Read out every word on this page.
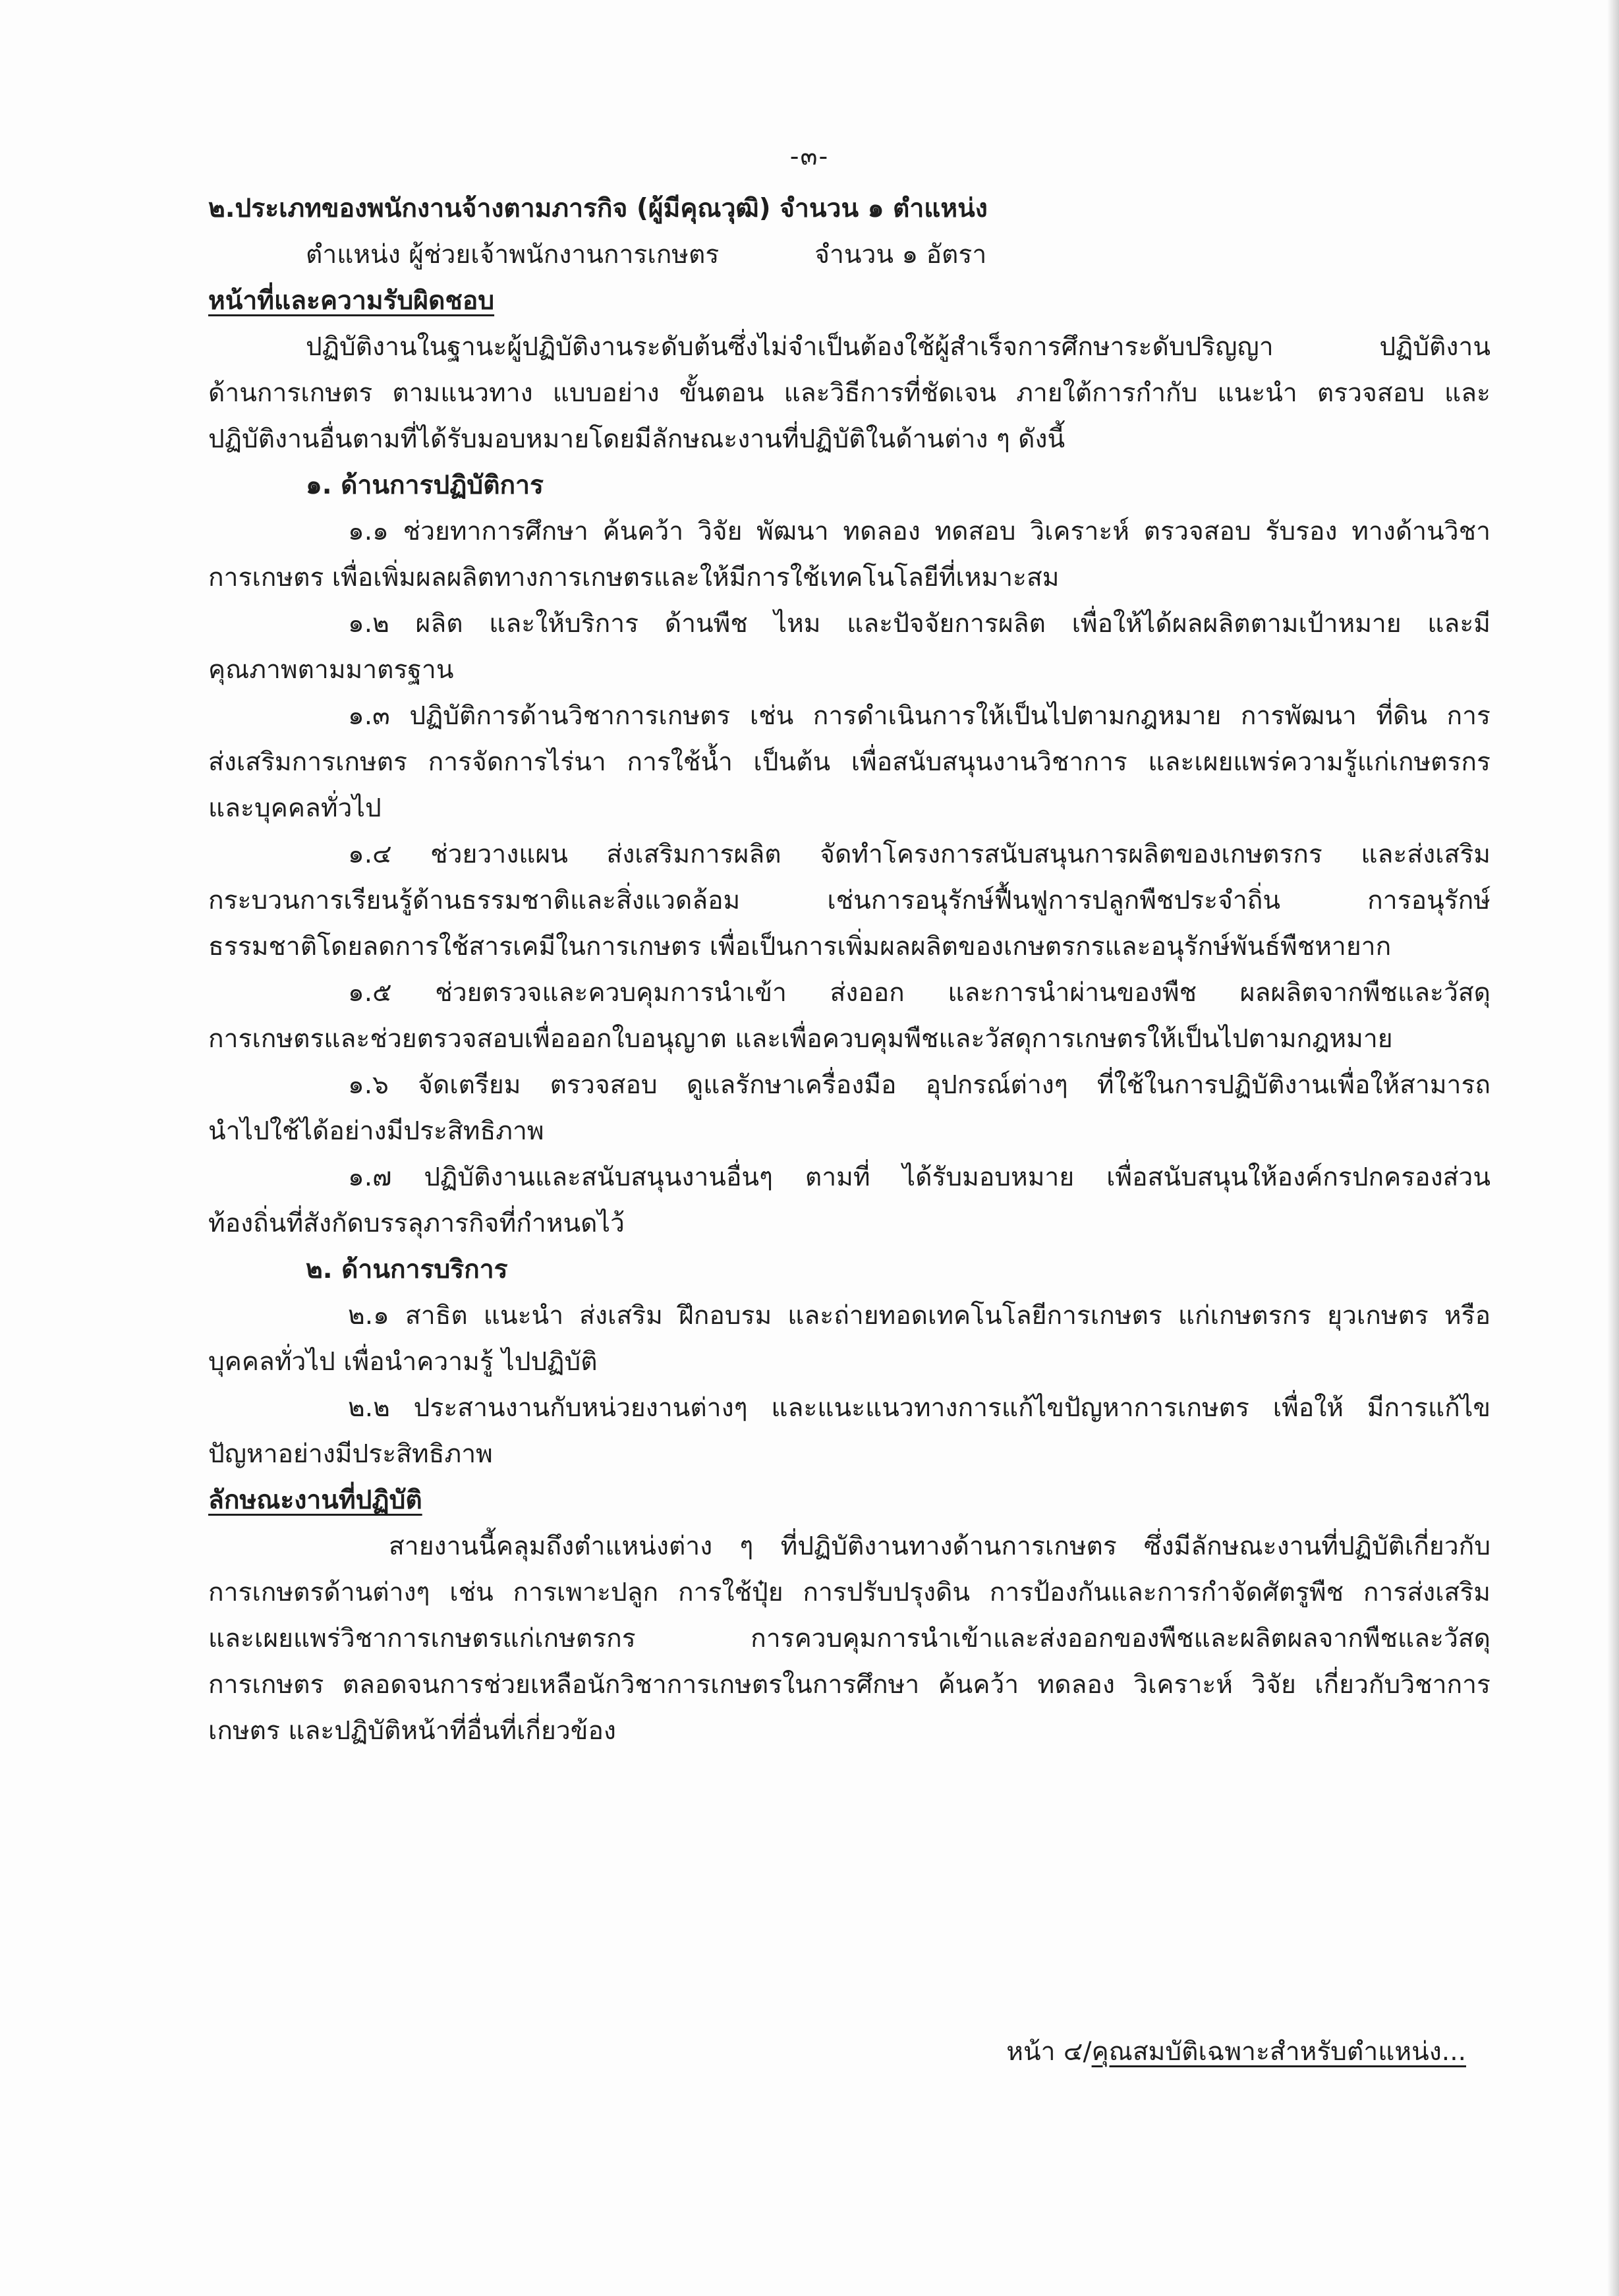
-๓-

๒.ประเภทของพนักงานจ้างตามภารกิจ (ผู้มีคุณวุฒิ) จำนวน ๑ ตำแหน่ง

ตำแหน่ง ผู้ช่วยเจ้าพนักงานการเกษตร	จำนวน ๑ อัตรา

หน้าที่และความรับผิดชอบ

ปฏิบัติงานในฐานะผู้ปฏิบัติงานระดับต้นซึ่งไม่จำเป็นต้องใช้ผู้สำเร็จการศึกษาระดับปริญญา ปฏิบัติงาน

ด้านการเกษตร ตามแนวทาง แบบอย่าง ขั้นตอน และวิธีการที่ชัดเจน ภายใต้การกำกับ แนะนำ ตรวจสอบ และ

ปฏิบัติงานอื่นตามที่ได้รับมอบหมายโดยมีลักษณะงานที่ปฏิบัติในด้านต่าง ๆ ดังนี้

๑. ด้านการปฏิบัติการ

๑.๑ ช่วยทาการศึกษา ค้นคว้า วิจัย พัฒนา ทดลอง ทดสอบ วิเคราะห์ ตรวจสอบ รับรอง ทางด้านวิชา

การเกษตร เพื่อเพิ่มผลผลิตทางการเกษตรและให้มีการใช้เทคโนโลยีที่เหมาะสม

๑.๒ ผลิต และให้บริการ ด้านพืช ไหม และปัจจัยการผลิต เพื่อให้ได้ผลผลิตตามเป้าหมาย และมี

คุณภาพตามมาตรฐาน

๑.๓ ปฏิบัติการด้านวิชาการเกษตร เช่น การดำเนินการให้เป็นไปตามกฎหมาย การพัฒนา ที่ดิน การ

ส่งเสริมการเกษตร การจัดการไร่นา การใช้น้ำ เป็นต้น เพื่อสนับสนุนงานวิชาการ และเผยแพร่ความรู้แก่เกษตรกร

และบุคคลทั่วไป

๑.๔ ช่วยวางแผน ส่งเสริมการผลิต จัดทำโครงการสนับสนุนการผลิตของเกษตรกร และส่งเสริม

กระบวนการเรียนรู้ด้านธรรมชาติและสิ่งแวดล้อม เช่นการอนุรักษ์ฟื้นฟูการปลูกพืชประจำถิ่น การอนุรักษ์

ธรรมชาติโดยลดการใช้สารเคมีในการเกษตร เพื่อเป็นการเพิ่มผลผลิตของเกษตรกรและอนุรักษ์พันธ์พืชหายาก

๑.๕ ช่วยตรวจและควบคุมการนำเข้า ส่งออก และการนำผ่านของพืช ผลผลิตจากพืชและวัสดุ

การเกษตรและช่วยตรวจสอบเพื่อออกใบอนุญาต และเพื่อควบคุมพืชและวัสดุการเกษตรให้เป็นไปตามกฎหมาย

๑.๖ จัดเตรียม ตรวจสอบ ดูแลรักษาเครื่องมือ อุปกรณ์ต่างๆ ที่ใช้ในการปฏิบัติงานเพื่อให้สามารถ

นำไปใช้ได้อย่างมีประสิทธิภาพ

๑.๗ ปฏิบัติงานและสนับสนุนงานอื่นๆ ตามที่ ได้รับมอบหมาย เพื่อสนับสนุนให้องค์กรปกครองส่วน

ท้องถิ่นที่สังกัดบรรลุภารกิจที่กำหนดไว้

๒. ด้านการบริการ

๒.๑ สาธิต แนะนำ ส่งเสริม ฝึกอบรม และถ่ายทอดเทคโนโลยีการเกษตร แก่เกษตรกร ยุวเกษตร หรือ

บุคคลทั่วไป เพื่อนำความรู้ ไปปฏิบัติ

๒.๒ ประสานงานกับหน่วยงานต่างๆ และแนะแนวทางการแก้ไขปัญหาการเกษตร เพื่อให้ มีการแก้ไข

ปัญหาอย่างมีประสิทธิภาพ

ลักษณะงานที่ปฏิบัติ

สายงานนี้คลุมถึงตำแหน่งต่าง ๆ ที่ปฏิบัติงานทางด้านการเกษตร ซึ่งมีลักษณะงานที่ปฏิบัติเกี่ยวกับ

การเกษตรด้านต่างๆ เช่น การเพาะปลูก การใช้ปุ๋ย การปรับปรุงดิน การป้องกันและการกำจัดศัตรูพืช การส่งเสริม

และเผยแพร่วิชาการเกษตรแก่เกษตรกร การควบคุมการนำเข้าและส่งออกของพืชและผลิตผลจากพืชและวัสดุ

การเกษตร ตลอดจนการช่วยเหลือนักวิชาการเกษตรในการศึกษา ค้นคว้า ทดลอง วิเคราะห์ วิจัย เกี่ยวกับวิชาการ

เกษตร และปฏิบัติหน้าที่อื่นที่เกี่ยวข้อง

หน้า ๔/คุณสมบัติเฉพาะสำหรับตำแหน่ง...
